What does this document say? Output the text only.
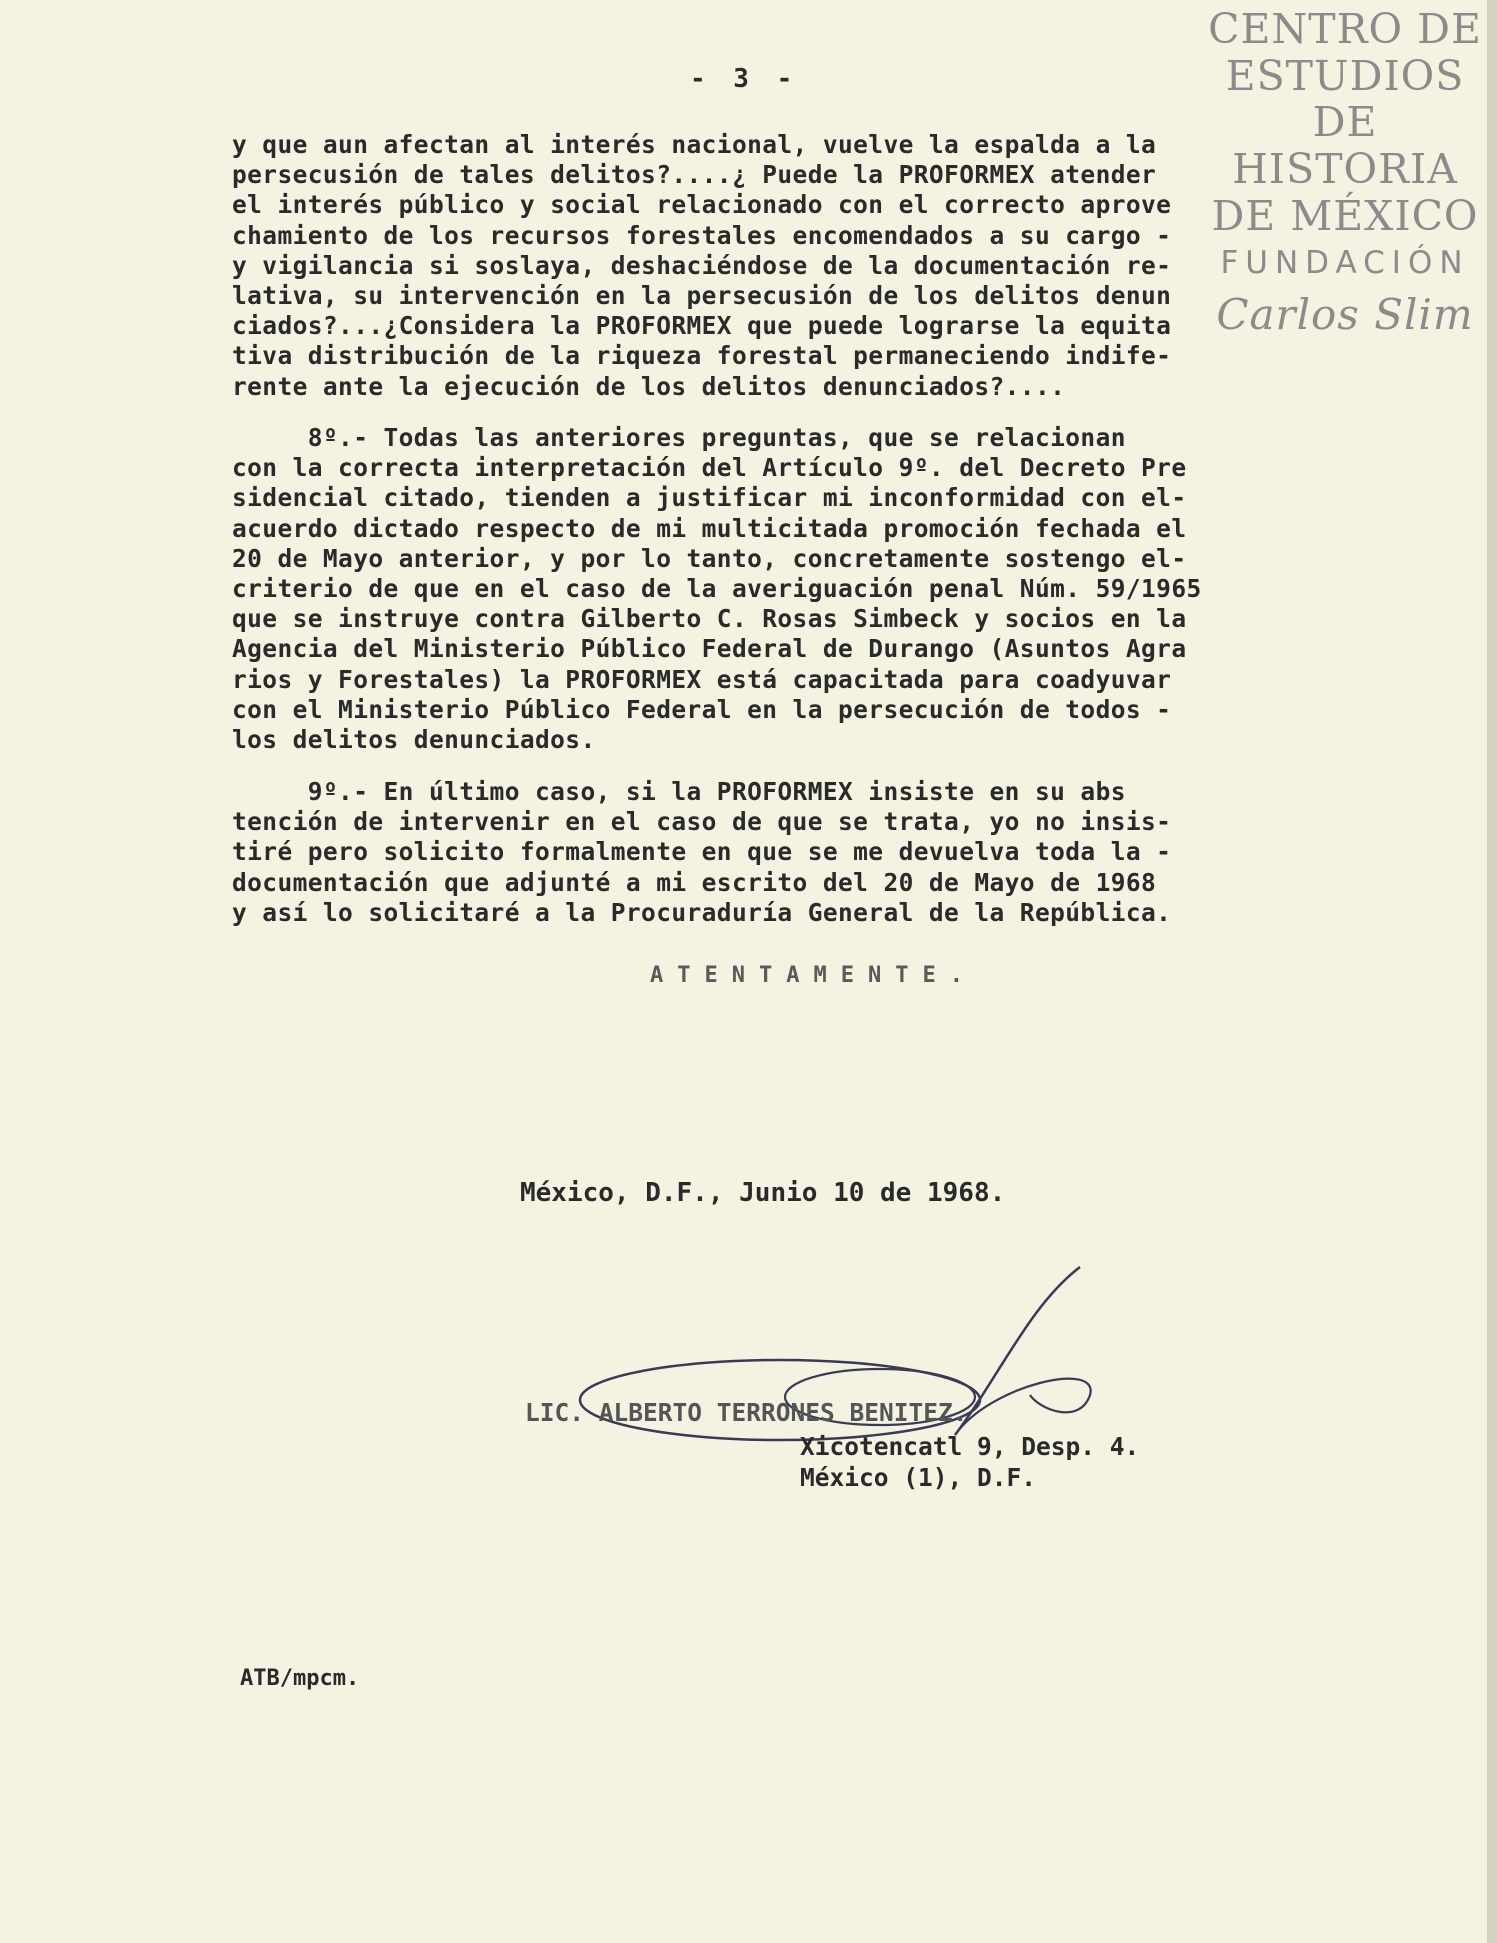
CENTRO DE
ESTUDIOS
DE HISTORIA
DE MÉXICO
FUNDACIÓN
Carlos Slim
- 3 -

y que aun afectan al interés nacional, vuelve la espalda a la
persecusión de tales delitos?....¿ Puede la PROFORMEX atender
el interés público y social relacionado con el correcto aprove
chamiento de los recursos forestales encomendados a su cargo -
y vigilancia si soslaya, deshaciéndose de la documentación re-
lativa, su intervención en la persecusión de los delitos denun
ciados?...¿Considera la PROFORMEX que puede lograrse la equita
tiva distribución de la riqueza forestal permaneciendo indife-
rente ante la ejecución de los delitos denunciados?....

8º.- Todas las anteriores preguntas, que se relacionan
con la correcta interpretación del Artículo 9º. del Decreto Pre
sidencial citado, tienden a justificar mi inconformidad con el-
acuerdo dictado respecto de mi multicitada promoción fechada el
20 de Mayo anterior, y por lo tanto, concretamente sostengo el-
criterio de que en el caso de la averiguación penal Núm. 59/1965
que se instruye contra Gilberto C. Rosas Simbeck y socios en la
Agencia del Ministerio Público Federal de Durango (Asuntos Agra
rios y Forestales) la PROFORMEX está capacitada para coadyuvar
con el Ministerio Público Federal en la persecución de todos -
los delitos denunciados.

9º.- En último caso, si la PROFORMEX insiste en su abs
tención de intervenir en el caso de que se trata, yo no insis-
tiré pero solicito formalmente en que se me devuelva toda la -
documentación que adjunté a mi escrito del 20 de Mayo de 1968
y así lo solicitaré a la Procuraduría General de la República.

ATENTAMENTE.
México, D.F., Junio 10 de 1968.
LIC. ALBERTO TERRONES BENITEZ.
Xicotencatl 9, Desp. 4.
México (1), D.F.
ATB/mpcm.
